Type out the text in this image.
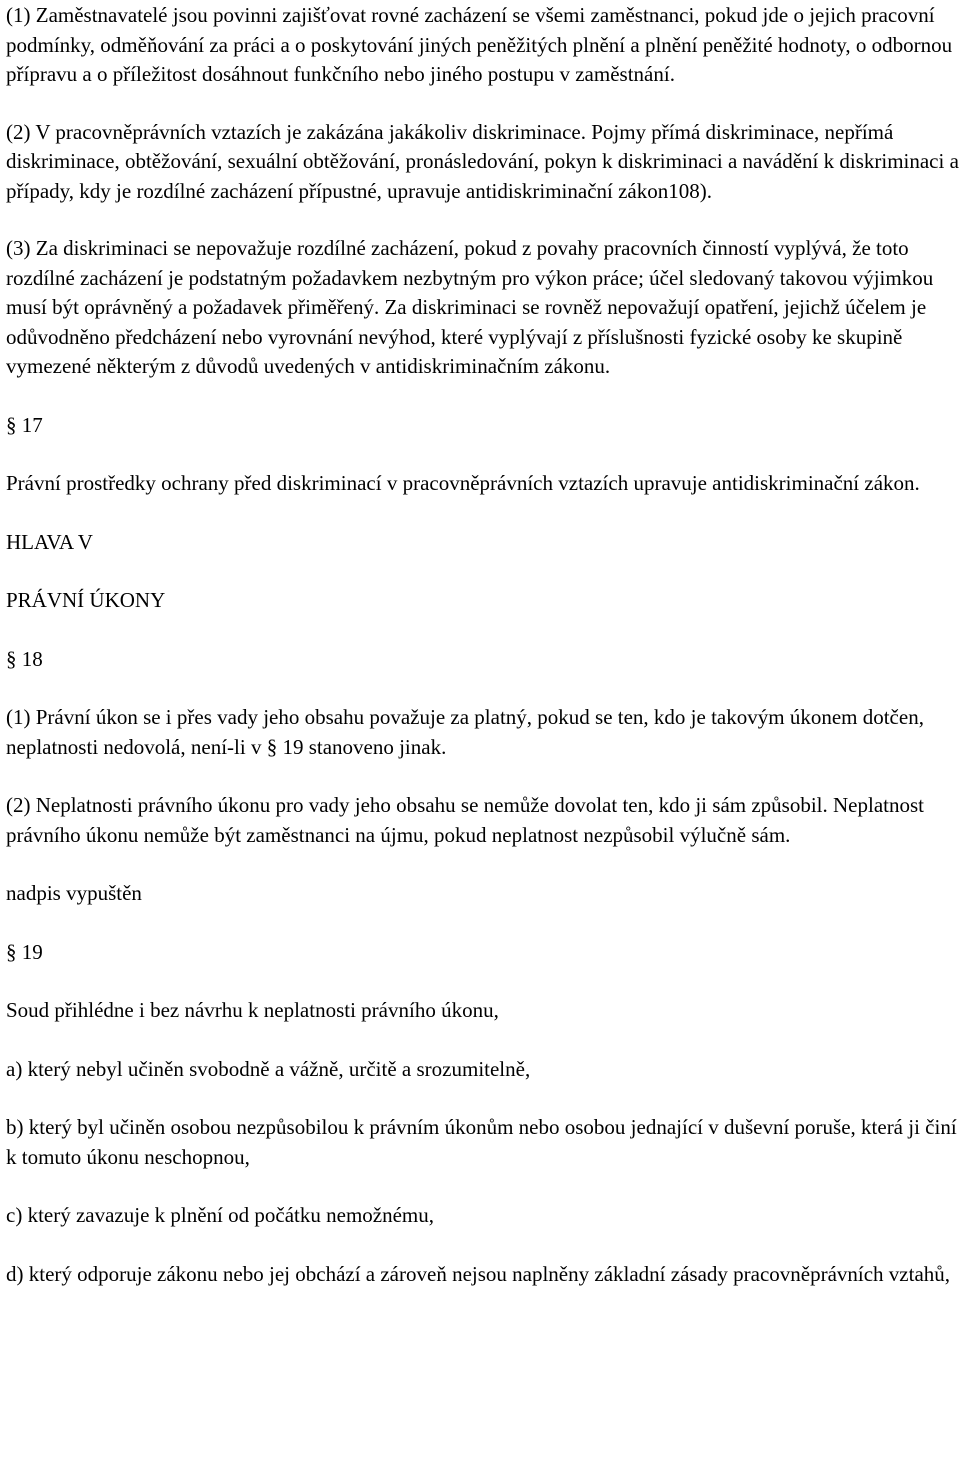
(1) Zaměstnavatelé jsou povinni zajišťovat rovné zacházení se všemi zaměstnanci, pokud jde o jejich pracovní podmínky, odměňování za práci a o poskytování jiných peněžitých plnění a plnění peněžité hodnoty, o odbornou přípravu a o příležitost dosáhnout funkčního nebo jiného postupu v zaměstnání.

(2) V pracovněprávních vztazích je zakázána jakákoliv diskriminace. Pojmy přímá diskriminace, nepřímá diskriminace, obtěžování, sexuální obtěžování, pronásledování, pokyn k diskriminaci a navádění k diskriminaci a případy, kdy je rozdílné zacházení přípustné, upravuje antidiskriminační zákon108).

(3) Za diskriminaci se nepovažuje rozdílné zacházení, pokud z povahy pracovních činností vyplývá, že toto rozdílné zacházení je podstatným požadavkem nezbytným pro výkon práce; účel sledovaný takovou výjimkou musí být oprávněný a požadavek přiměřený. Za diskriminaci se rovněž nepovažují opatření, jejichž účelem je odůvodněno předcházení nebo vyrovnání nevýhod, které vyplývají z příslušnosti fyzické osoby ke skupině vymezené některým z důvodů uvedených v antidiskriminačním zákonu.

§ 17

Právní prostředky ochrany před diskriminací v pracovněprávních vztazích upravuje antidiskriminační zákon.

HLAVA V

PRÁVNÍ ÚKONY

§ 18

(1) Právní úkon se i přes vady jeho obsahu považuje za platný, pokud se ten, kdo je takovým úkonem dotčen, neplatnosti nedovolá, není-li v § 19 stanoveno jinak.

(2) Neplatnosti právního úkonu pro vady jeho obsahu se nemůže dovolat ten, kdo ji sám způsobil. Neplatnost právního úkonu nemůže být zaměstnanci na újmu, pokud neplatnost nezpůsobil výlučně sám.

nadpis vypuštěn

§ 19

Soud přihlédne i bez návrhu k neplatnosti právního úkonu,

a) který nebyl učiněn svobodně a vážně, určitě a srozumitelně,

b) který byl učiněn osobou nezpůsobilou k právním úkonům nebo osobou jednající v duševní poruše, která ji činí k tomuto úkonu neschopnou,

c) který zavazuje k plnění od počátku nemožnému,

d) který odporuje zákonu nebo jej obchází a zároveň nejsou naplněny základní zásady pracovněprávních vztahů,
